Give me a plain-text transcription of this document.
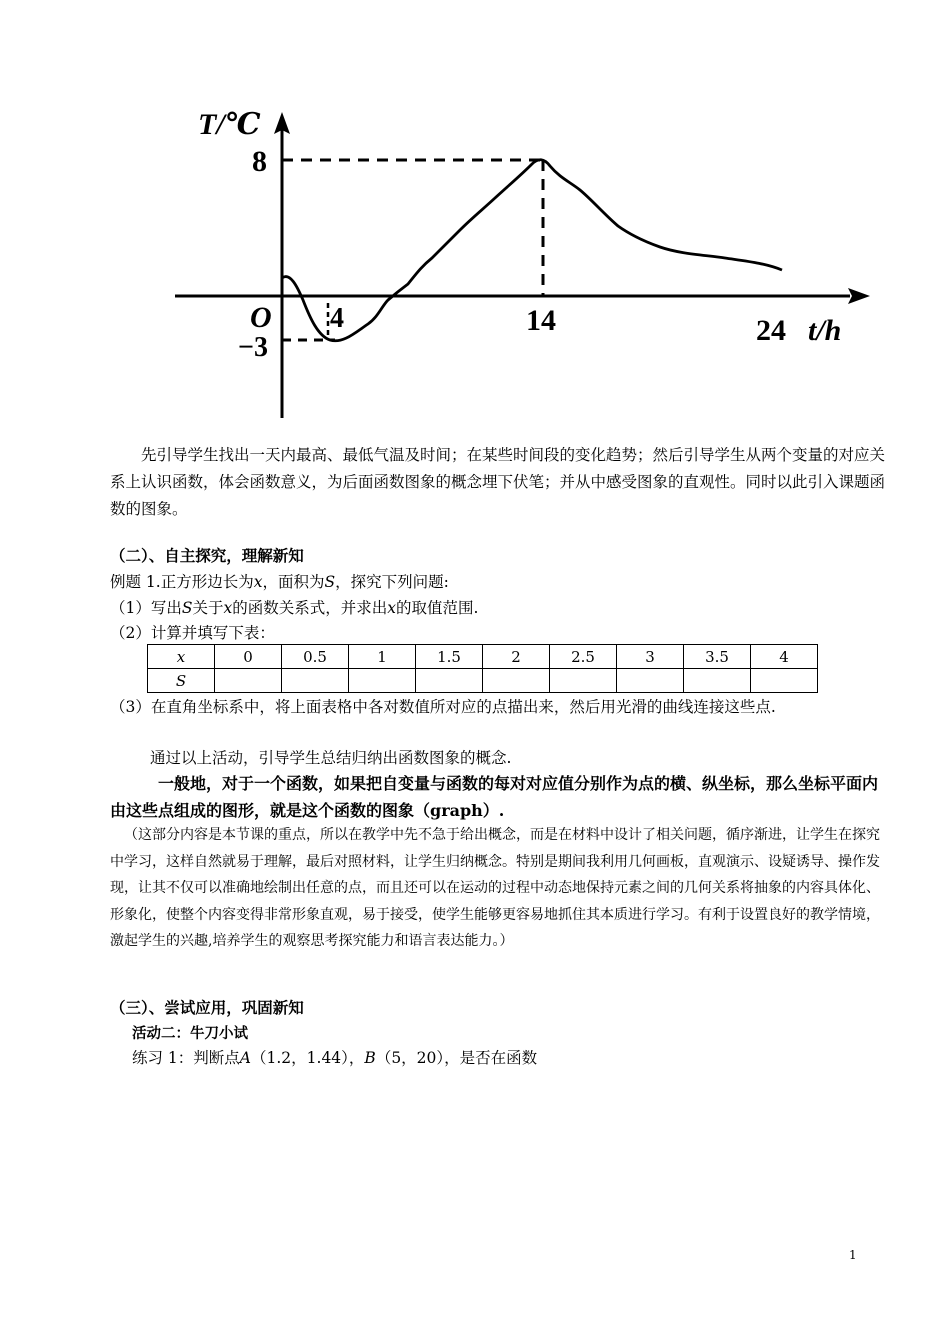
T/℃
8
O
−3
4	14	24 t/h
先引导学生找出一天内最高、最低气温及时间；在某些时间段的变化趋势；然后引导学生从两个变量的对应关系上认识函数，体会函数意义，为后面函数图象的概念埋下伏笔；并从中感受图象的直观性。同时以此引入课题函数的图象。
（二）、自主探究，理解新知
例题 1.正方形边长为x，面积为S，探究下列问题:
（1）写出S关于x的函数关系式，并求出x的取值范围.
（2）计算并填写下表：
x	0	0.5	1	1.5	2	2.5	3	3.5	4
S									
（3）在直角坐标系中，将上面表格中各对数值所对应的点描出来，然后用光滑的曲线连接这些点.
通过以上活动，引导学生总结归纳出函数图象的概念.
一般地，对于一个函数，如果把自变量与函数的每对对应值分别作为点的横、纵坐标，那么坐标平面内由这些点组成的图形，就是这个函数的图象（graph）.
（这部分内容是本节课的重点，所以在教学中先不急于给出概念，而是在材料中设计了相关问题，循序渐进，让学生在探究中学习，这样自然就易于理解，最后对照材料，让学生归纳概念。特别是期间我利用几何画板，直观演示、设疑诱导、操作发现，让其不仅可以准确地绘制出任意的点，而且还可以在运动的过程中动态地保持元素之间的几何关系将抽象的内容具体化、形象化，使整个内容变得非常形象直观，易于接受，使学生能够更容易地抓住其本质进行学习。有利于设置良好的教学情境，激起学生的兴趣,培养学生的观察思考探究能力和语言表达能力。）
（三）、尝试应用，巩固新知
活动二：牛刀小试
练习 1：判断点A（1.2，1.44），B（5，20），是否在函数
1
